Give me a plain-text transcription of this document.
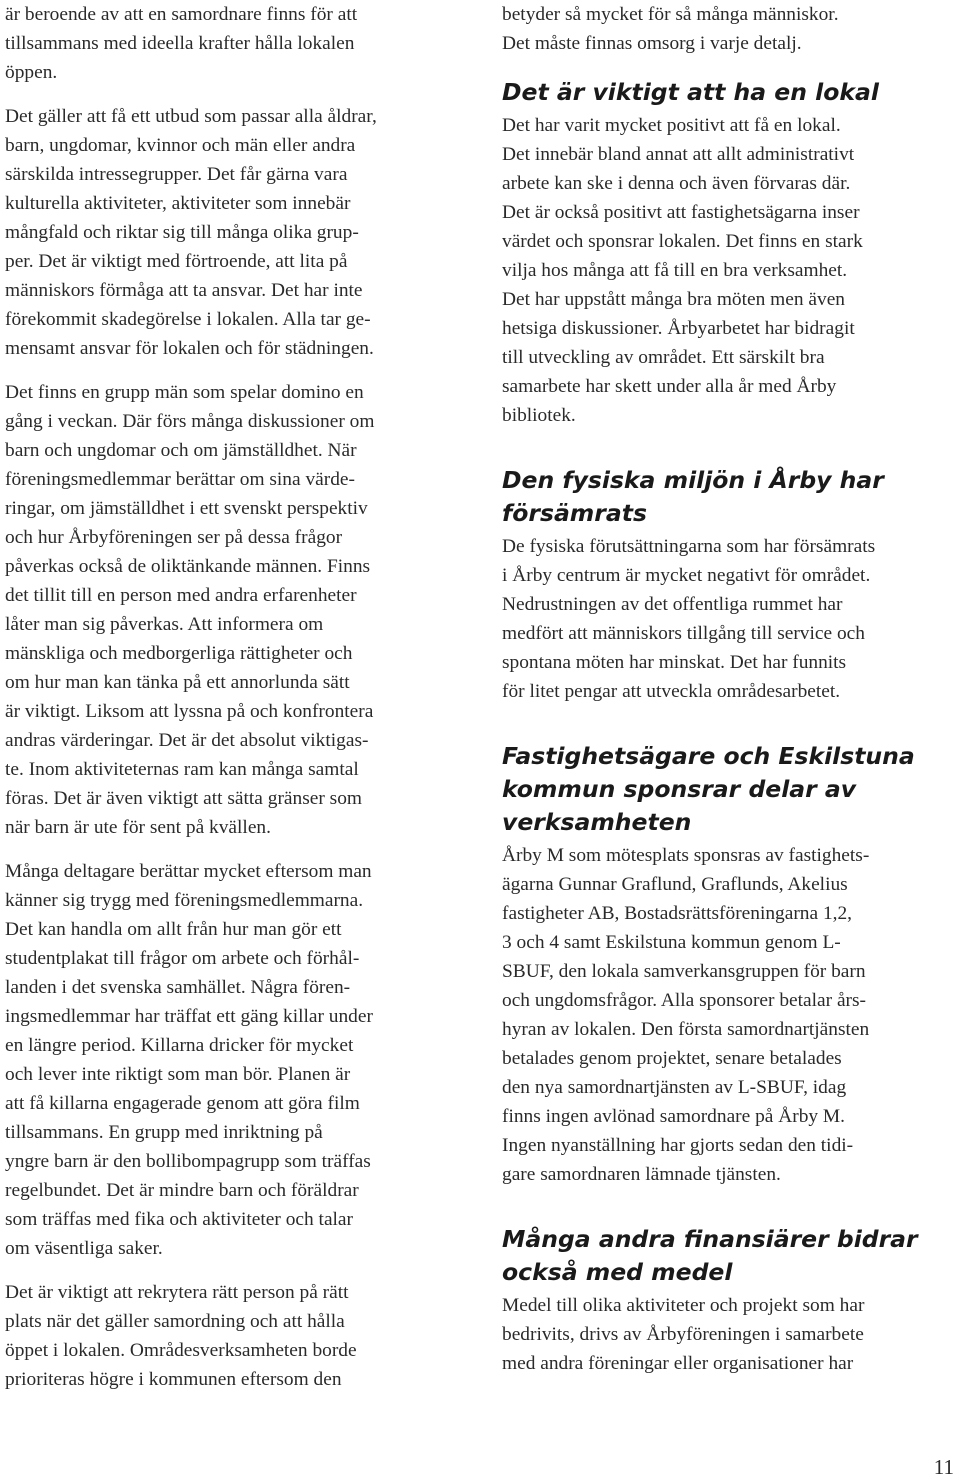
är beroende av att en samordnare finns för att
tillsammans med ideella krafter hålla lokalen
öppen.

Det gäller att få ett utbud som passar alla åldrar,
barn, ungdomar, kvinnor och män eller andra
särskilda intressegrupper. Det får gärna vara
kulturella aktiviteter, aktiviteter som innebär
mångfald och riktar sig till många olika grup-
per. Det är viktigt med förtroende, att lita på
människors förmåga att ta ansvar. Det har inte
förekommit skadegörelse i lokalen. Alla tar ge-
mensamt ansvar för lokalen och för städningen.

Det finns en grupp män som spelar domino en
gång i veckan. Där förs många diskussioner om
barn och ungdomar och om jämställdhet. När
föreningsmedlemmar berättar om sina värde-
ringar, om jämställdhet i ett svenskt perspektiv
och hur Årbyföreningen ser på dessa frågor
påverkas också de oliktänkande männen. Finns
det tillit till en person med andra erfarenheter
låter man sig påverkas. Att informera om
mänskliga och medborgerliga rättigheter och
om hur man kan tänka på ett annorlunda sätt
är viktigt. Liksom att lyssna på och konfrontera
andras värderingar. Det är det absolut viktigas-
te. Inom aktiviteternas ram kan många samtal
föras. Det är även viktigt att sätta gränser som
när barn är ute för sent på kvällen.

Många deltagare berättar mycket eftersom man
känner sig trygg med föreningsmedlemmarna.
Det kan handla om allt från hur man gör ett
studentplakat till frågor om arbete och förhål-
landen i det svenska samhället. Några fören-
ingsmedlemmar har träffat ett gäng killar under
en längre period. Killarna dricker för mycket
och lever inte riktigt som man bör. Planen är
att få killarna engagerade genom att göra film
tillsammans. En grupp med inriktning på
yngre barn är den bollibompagrupp som träffas
regelbundet. Det är mindre barn och föräldrar
som träffas med fika och aktiviteter och talar
om väsentliga saker.

Det är viktigt att rekrytera rätt person på rätt
plats när det gäller samordning och att hålla
öppet i lokalen. Områdesverksamheten borde
prioriteras högre i kommunen eftersom den

betyder så mycket för så många människor.
Det måste finnas omsorg i varje detalj.

Det är viktigt att ha en lokal

Det har varit mycket positivt att få en lokal.
Det innebär bland annat att allt administrativt
arbete kan ske i denna och även förvaras där.
Det är också positivt att fastighetsägarna inser
värdet och sponsrar lokalen. Det finns en stark
vilja hos många att få till en bra verksamhet.
Det har uppstått många bra möten men även
hetsiga diskussioner. Årbyarbetet har bidragit
till utveckling av området. Ett särskilt bra
samarbete har skett under alla år med Årby
bibliotek.

Den fysiska miljön i Årby har
försämrats

De fysiska förutsättningarna som har försämrats
i Årby centrum är mycket negativt för området.
Nedrustningen av det offentliga rummet har
medfört att människors tillgång till service och
spontana möten har minskat. Det har funnits
för litet pengar att utveckla områdesarbetet.

Fastighetsägare och Eskilstuna
kommun sponsrar delar av
verksamheten

Årby M som mötesplats sponsras av fastighets-
ägarna Gunnar Graflund, Graflunds, Akelius
fastigheter AB, Bostadsrättsföreningarna 1,2,
3 och 4 samt Eskilstuna kommun genom L-
SBUF, den lokala samverkansgruppen för barn
och ungdomsfrågor. Alla sponsorer betalar års-
hyran av lokalen. Den första samordnartjänsten
betalades genom projektet, senare betalades
den nya samordnartjänsten av L-SBUF, idag
finns ingen avlönad samordnare på Årby M.
Ingen nyanställning har gjorts sedan den tidi-
gare samordnaren lämnade tjänsten.

Många andra finansiärer bidrar
också med medel

Medel till olika aktiviteter och projekt som har
bedrivits, drivs av Årbyföreningen i samarbete
med andra föreningar eller organisationer har

11
